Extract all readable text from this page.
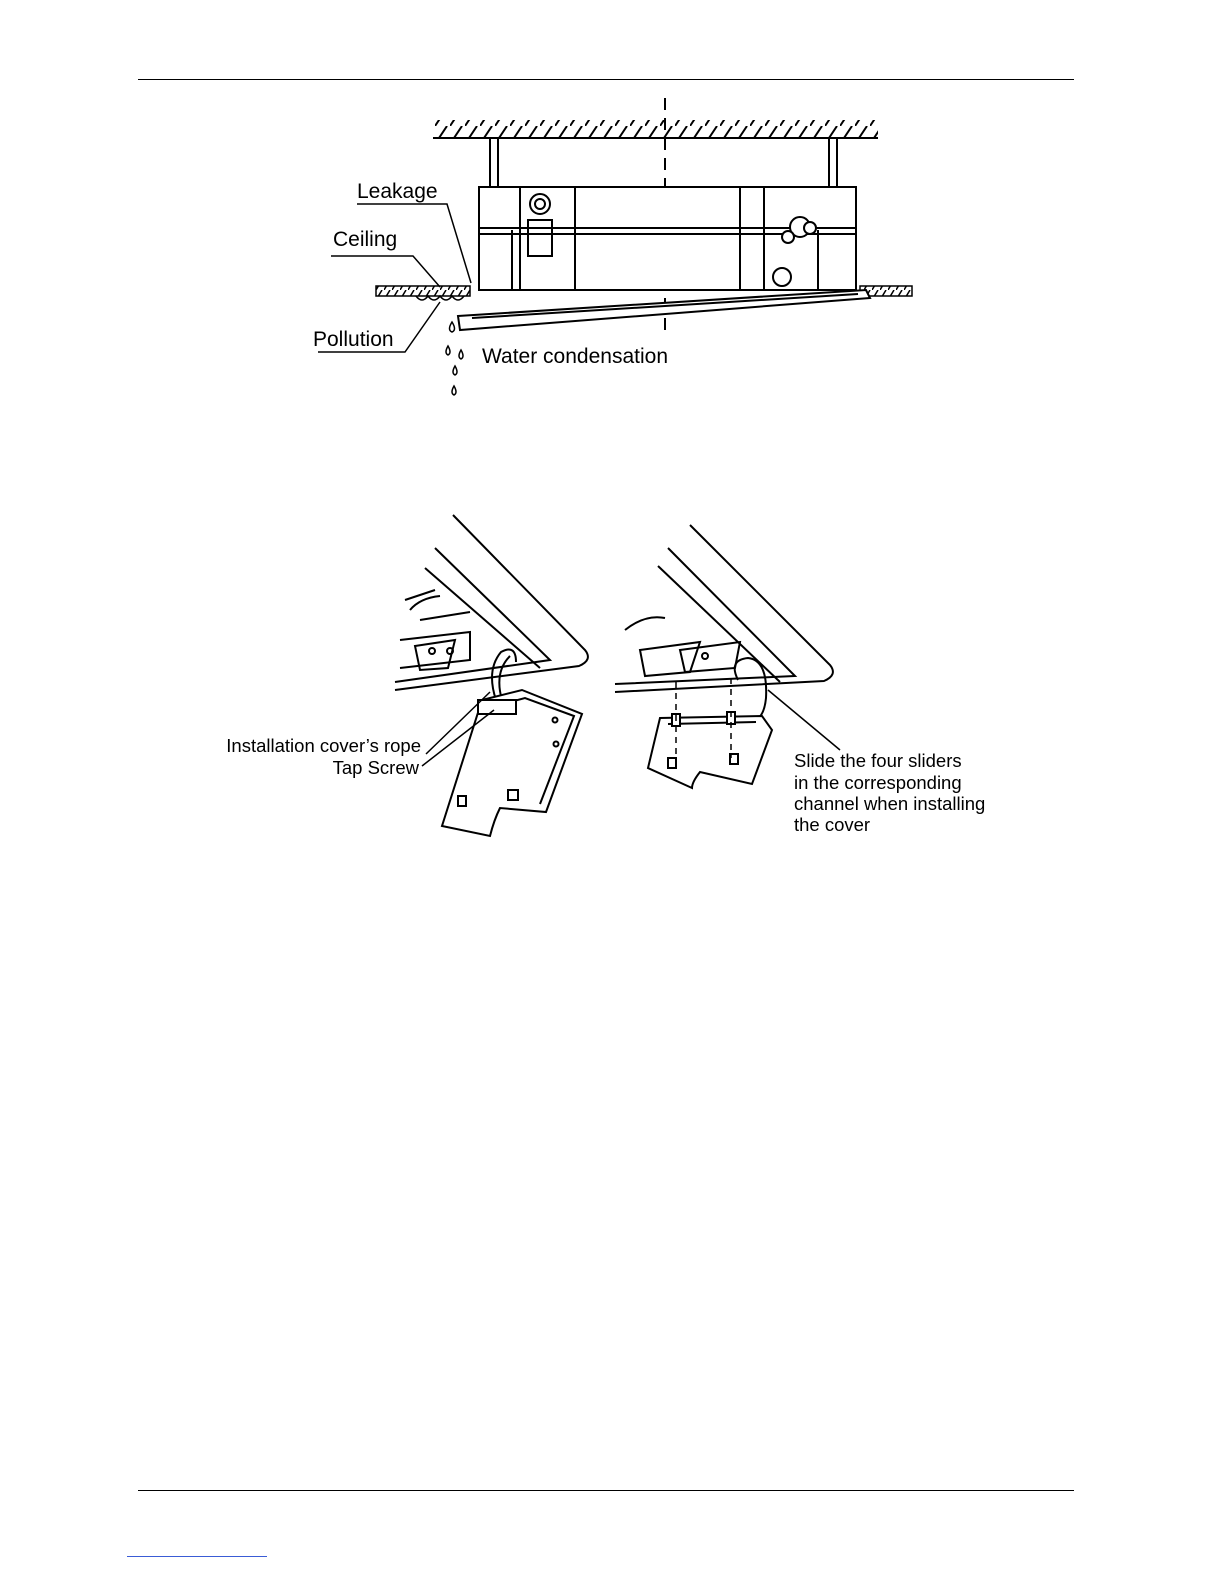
Leakage
Ceiling
Pollution
Water condensation
Installation cover’s rope
Tap Screw	Slide the four sliders
in the corresponding
channel when installing
the cover
